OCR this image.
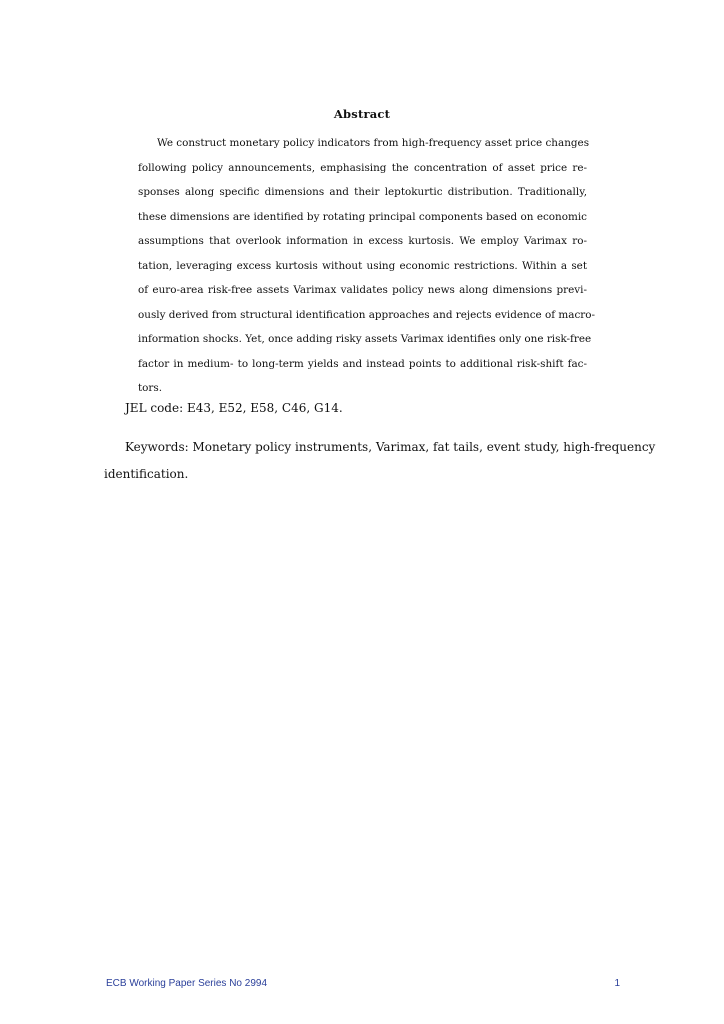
Abstract
We construct monetary policy indicators from high-frequency asset price changes
following policy announcements, emphasising the concentration of asset price re-
sponses along specific dimensions and their leptokurtic distribution. Traditionally,
these dimensions are identified by rotating principal components based on economic
assumptions that overlook information in excess kurtosis. We employ Varimax ro-
tation, leveraging excess kurtosis without using economic restrictions. Within a set
of euro-area risk-free assets Varimax validates policy news along dimensions previ-
ously derived from structural identification approaches and rejects evidence of macro-
information shocks. Yet, once adding risky assets Varimax identifies only one risk-free
factor in medium- to long-term yields and instead points to additional risk-shift fac-
tors.
JEL code: E43, E52, E58, C46, G14.
Keywords: Monetary policy instruments, Varimax, fat tails, event study, high-frequency
identification.
ECB Working Paper Series No 2994	1
